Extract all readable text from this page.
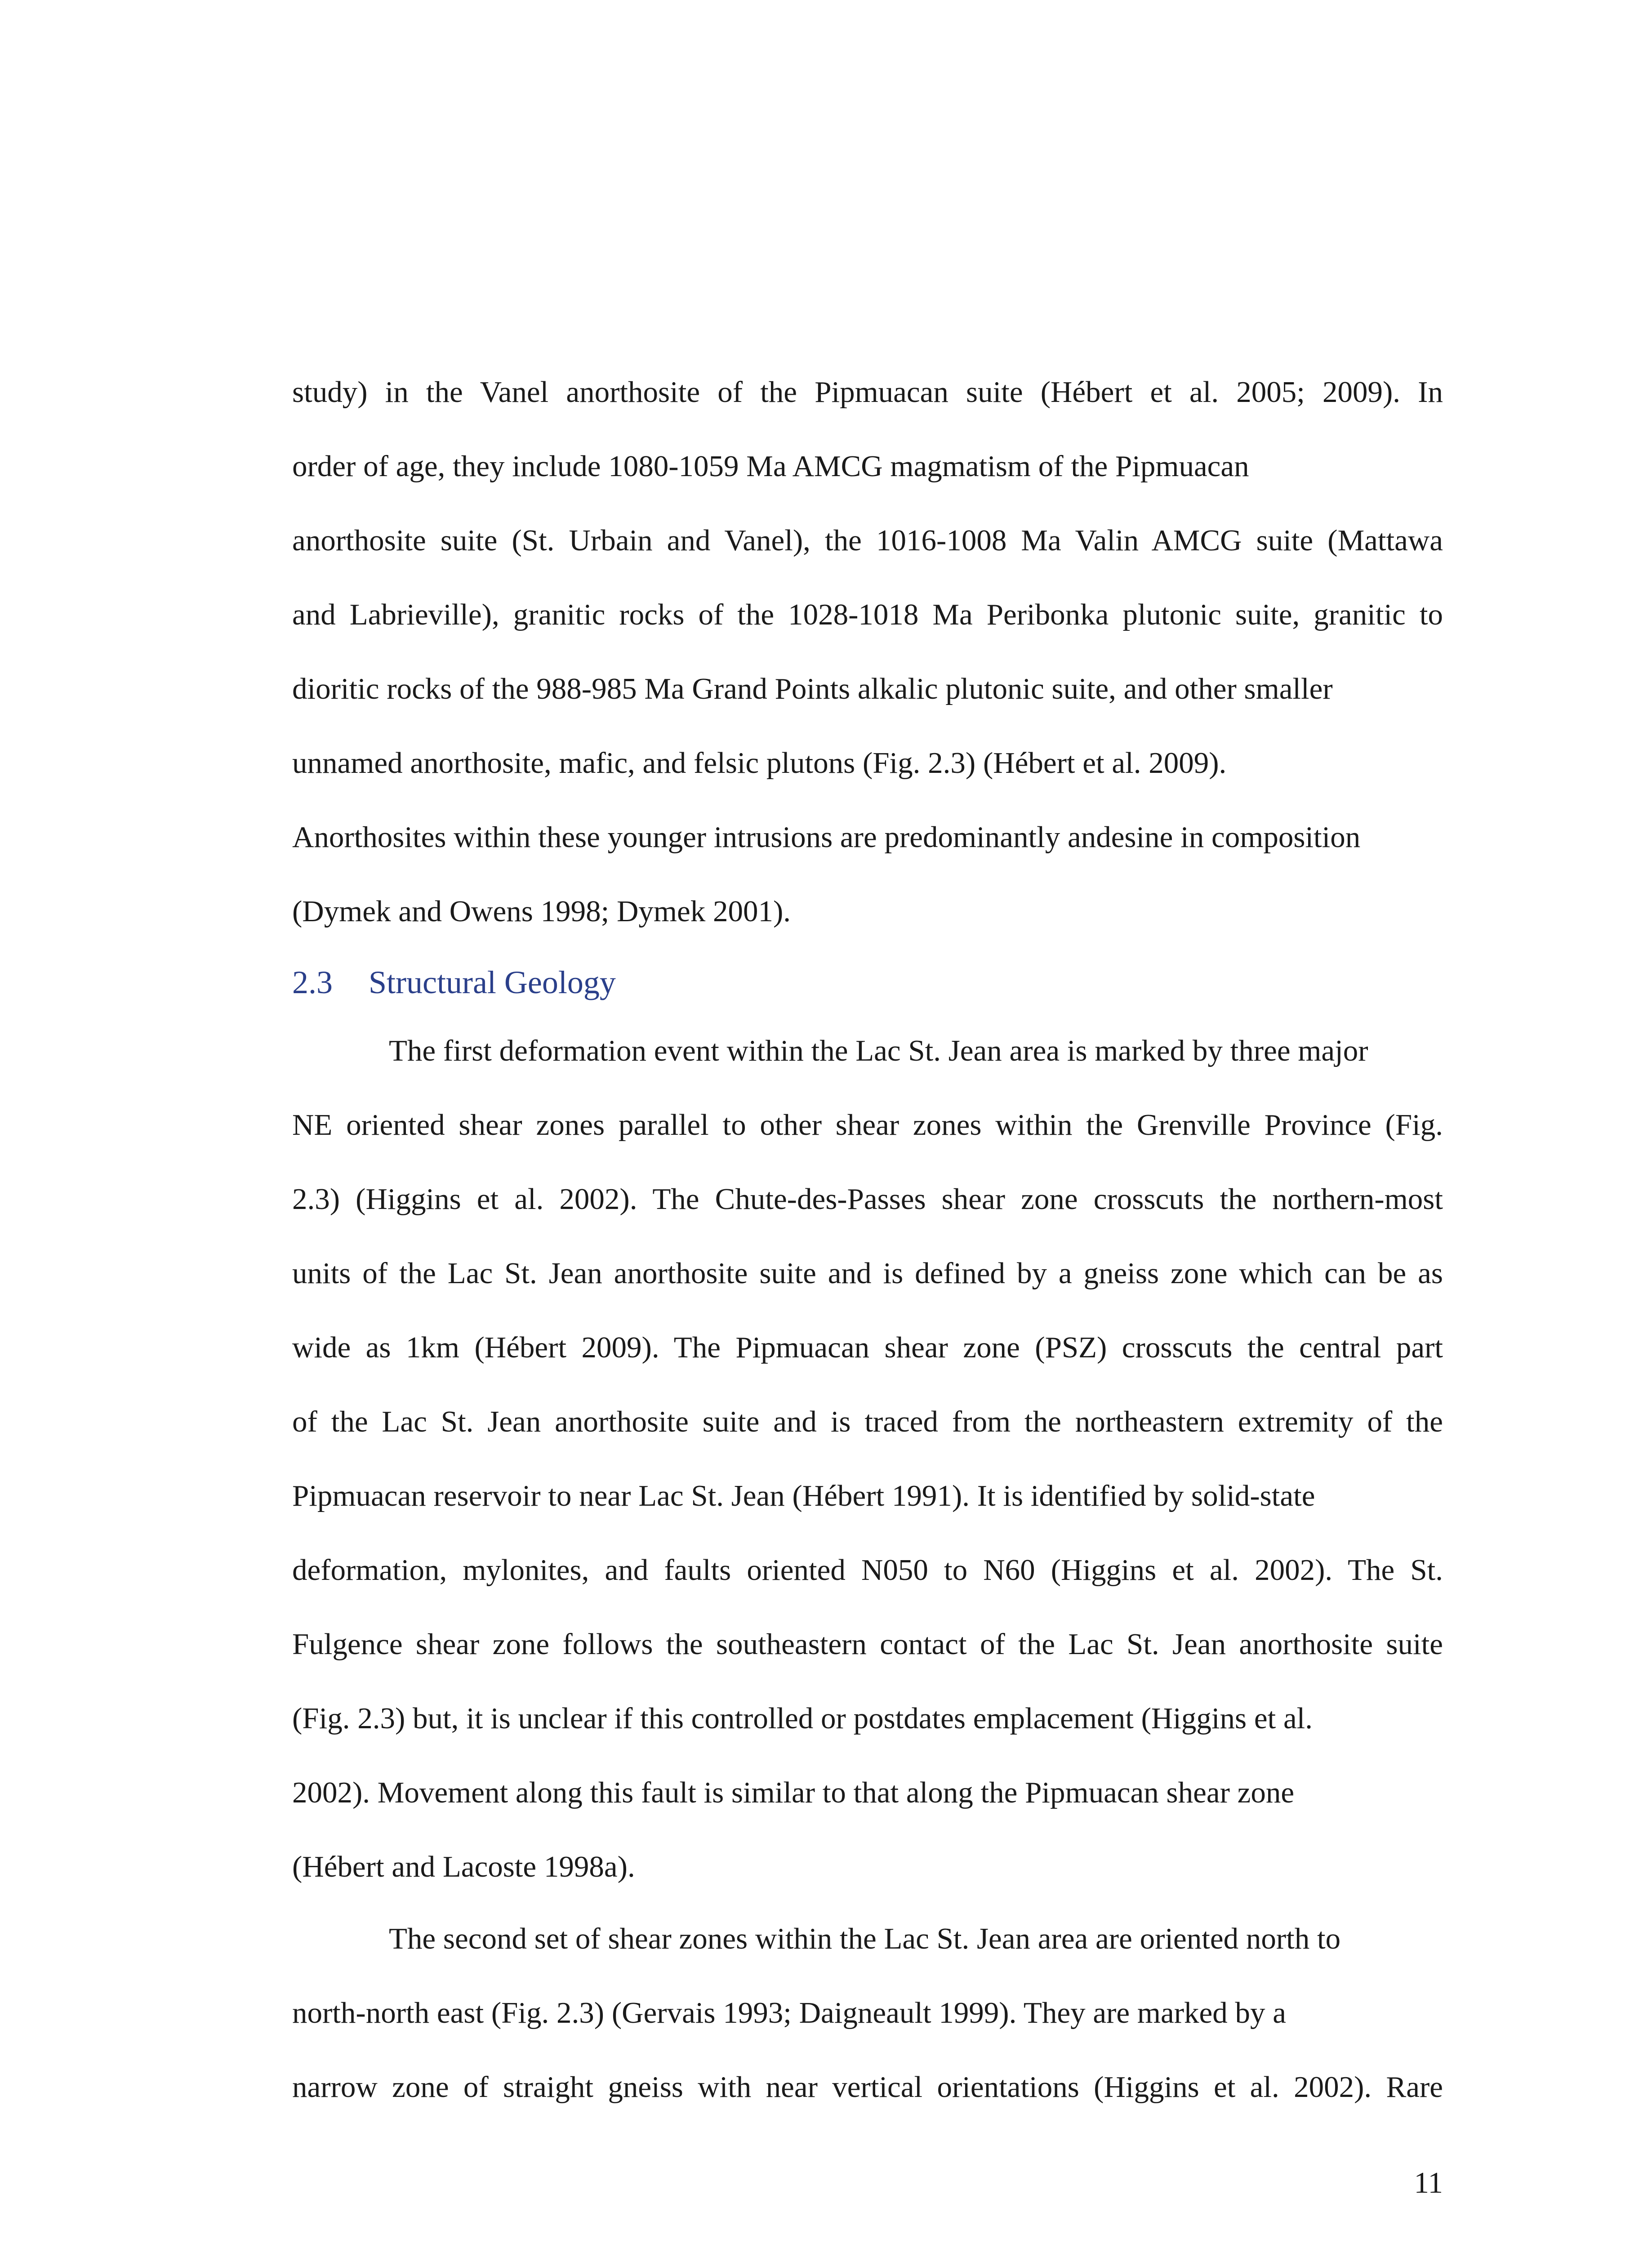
study) in the Vanel anorthosite of the Pipmuacan suite (Hébert et al. 2005; 2009). In
order of age, they include 1080-1059 Ma AMCG magmatism of the Pipmuacan
anorthosite suite (St. Urbain and Vanel), the 1016-1008 Ma Valin AMCG suite (Mattawa
and Labrieville), granitic rocks of the 1028-1018 Ma Peribonka plutonic suite, granitic to
dioritic rocks of the 988-985 Ma Grand Points alkalic plutonic suite, and other smaller
unnamed anorthosite, mafic, and felsic plutons (Fig. 2.3) (Hébert et al. 2009).
Anorthosites within these younger intrusions are predominantly andesine in composition
(Dymek and Owens 1998; Dymek 2001).
2.3 Structural Geology
The first deformation event within the Lac St. Jean area is marked by three major
NE oriented shear zones parallel to other shear zones within the Grenville Province (Fig.
2.3) (Higgins et al. 2002). The Chute-des-Passes shear zone crosscuts the northern-most
units of the Lac St. Jean anorthosite suite and is defined by a gneiss zone which can be as
wide as 1km (Hébert 2009). The Pipmuacan shear zone (PSZ) crosscuts the central part
of the Lac St. Jean anorthosite suite and is traced from the northeastern extremity of the
Pipmuacan reservoir to near Lac St. Jean (Hébert 1991). It is identified by solid-state
deformation, mylonites, and faults oriented N050 to N60 (Higgins et al. 2002). The St.
Fulgence shear zone follows the southeastern contact of the Lac St. Jean anorthosite suite
(Fig. 2.3) but, it is unclear if this controlled or postdates emplacement (Higgins et al.
2002). Movement along this fault is similar to that along the Pipmuacan shear zone
(Hébert and Lacoste 1998a).
The second set of shear zones within the Lac St. Jean area are oriented north to
north-north east (Fig. 2.3) (Gervais 1993; Daigneault 1999). They are marked by a
narrow zone of straight gneiss with near vertical orientations (Higgins et al. 2002). Rare
11
